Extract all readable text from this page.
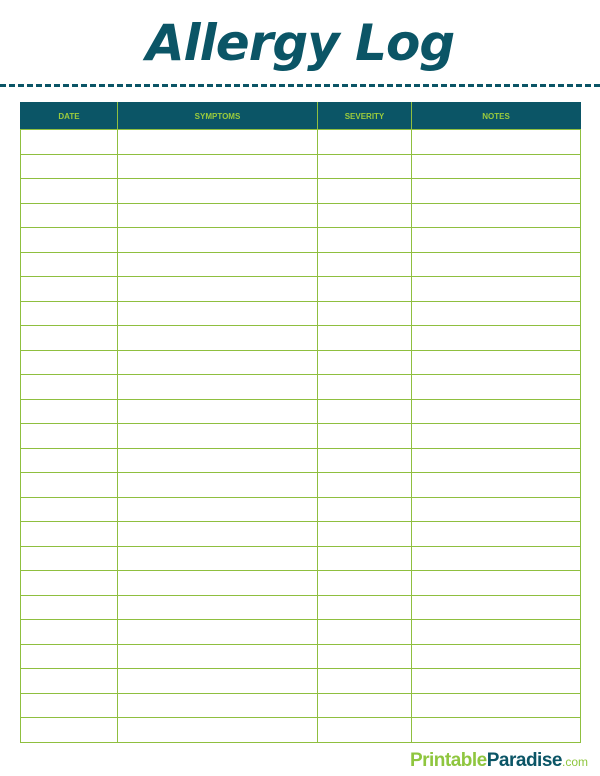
Allergy Log
DATE	SYMPTOMS	SEVERITY	NOTES

PrintableParadise.com
